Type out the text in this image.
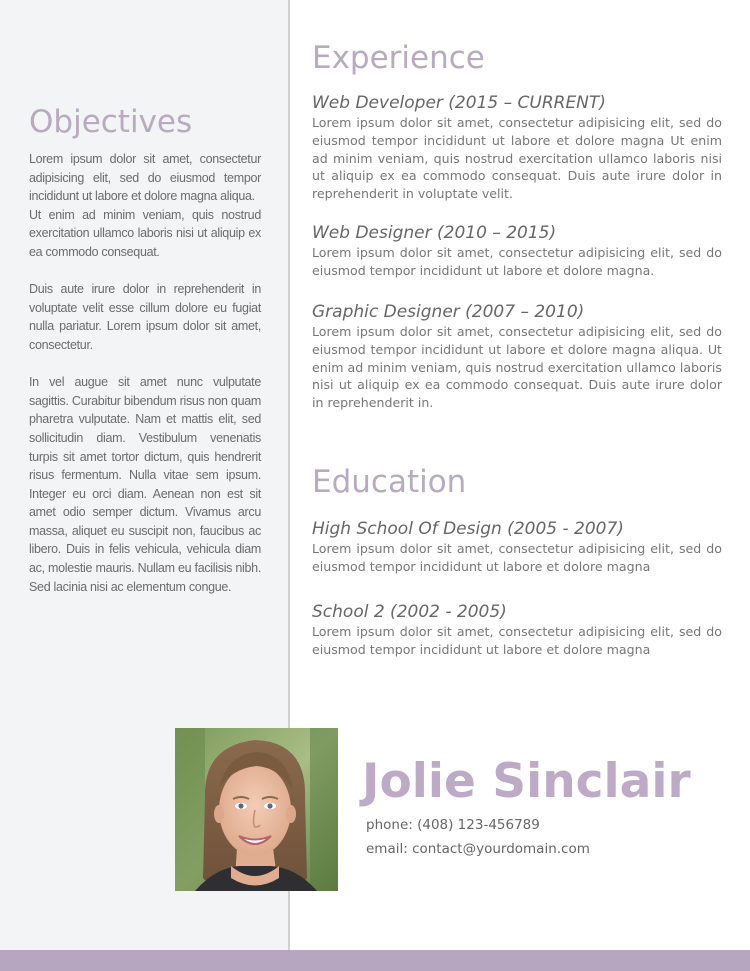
Objectives

Lorem ipsum dolor sit amet, consectetur adipisicing elit, sed do eiusmod tempor incididunt ut labore et dolore magna aliqua.

Ut enim ad minim veniam, quis nostrud exercitation ullamco laboris nisi ut aliquip ex ea commodo consequat.

Duis aute irure dolor in reprehenderit in voluptate velit esse cillum dolore eu fugiat nulla pariatur. Lorem ipsum dolor sit amet, consectetur.

In vel augue sit amet nunc vulputate sagittis. Curabitur bibendum risus non quam pharetra vulputate. Nam et mattis elit, sed sollicitudin diam. Vestibulum venenatis turpis sit amet tortor dictum, quis hendrerit risus fermentum. Nulla vitae sem ipsum. Integer eu orci diam. Aenean non est sit amet odio semper dictum. Vivamus arcu massa, aliquet eu suscipit non, faucibus ac libero. Duis in felis vehicula, vehicula diam ac, molestie mauris. Nullam eu facilisis nibh. Sed lacinia nisi ac elementum congue.

Experience

Web Developer (2015 – CURRENT)

Lorem ipsum dolor sit amet, consectetur adipisicing elit, sed do eiusmod tempor incididunt ut labore et dolore magna Ut enim ad minim veniam, quis nostrud exercitation ullamco laboris nisi ut aliquip ex ea commodo consequat. Duis aute irure dolor in reprehenderit in voluptate velit.

Web Designer (2010 – 2015)

Lorem ipsum dolor sit amet, consectetur adipisicing elit, sed do eiusmod tempor incididunt ut labore et dolore magna.

Graphic Designer (2007 – 2010)

Lorem ipsum dolor sit amet, consectetur adipisicing elit, sed do eiusmod tempor incididunt ut labore et dolore magna aliqua. Ut enim ad minim veniam, quis nostrud exercitation ullamco laboris nisi ut aliquip ex ea commodo consequat. Duis aute irure dolor in reprehenderit in.

Education

High School Of Design (2005 - 2007)

Lorem ipsum dolor sit amet, consectetur adipisicing elit, sed do eiusmod tempor incididunt ut labore et dolore magna

School 2 (2002 - 2005)

Lorem ipsum dolor sit amet, consectetur adipisicing elit, sed do eiusmod tempor incididunt ut labore et dolore magna

Jolie Sinclair

phone: (408) 123-456789

email: contact@yourdomain.com
